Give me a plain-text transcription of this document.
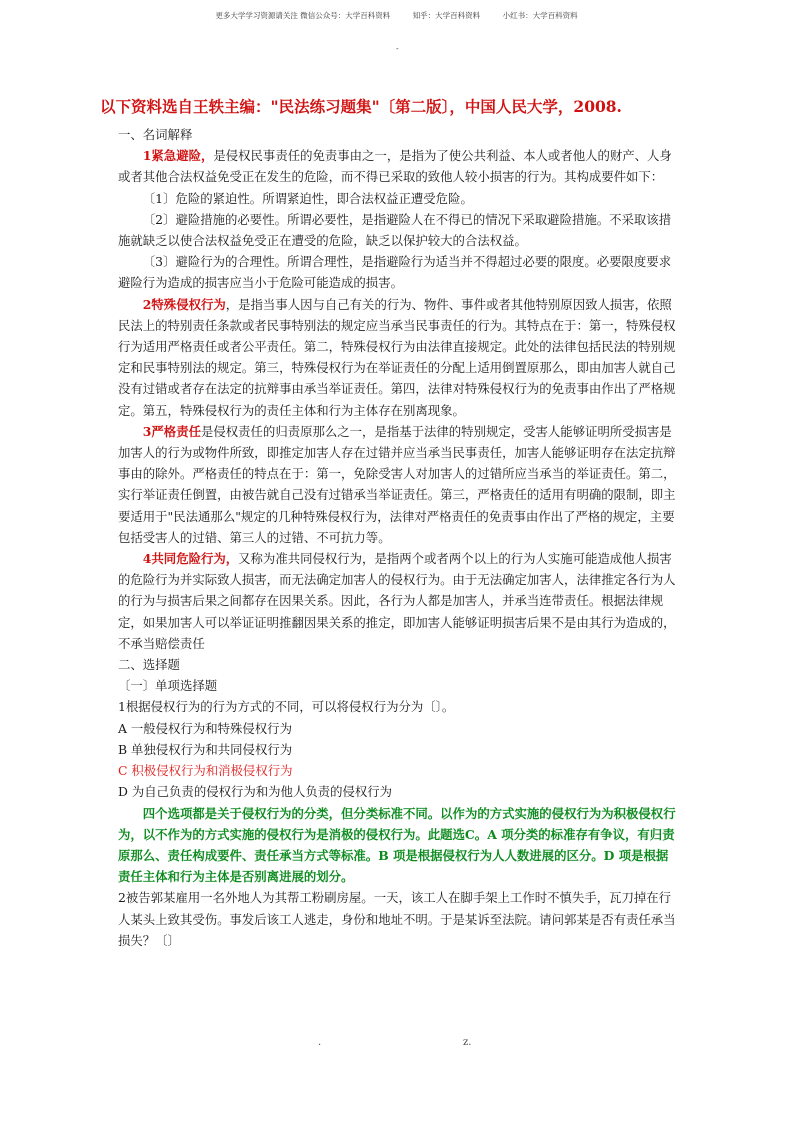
更多大学学习资源请关注 微信公众号：大学百科资料	知乎：大学百科资料	小红书：大学百科资料
-
以下资料选自王轶主编："民法练习题集"〔第二版〕，中国人民大学，2008.

一、名词解释

1紧急避险，是侵权民事责任的免责事由之一，是指为了使公共利益、本人或者他人的财产、人身或者其他合法权益免受正在发生的危险，而不得已采取的致他人较小损害的行为。其构成要件如下：

〔1〕危险的紧迫性。所谓紧迫性，即合法权益正遭受危险。

〔2〕避险措施的必要性。所谓必要性，是指避险人在不得已的情况下采取避险措施。不采取该措施就缺乏以使合法权益免受正在遭受的危险，缺乏以保护较大的合法权益。

〔3〕避险行为的合理性。所谓合理性，是指避险行为适当并不得超过必要的限度。必要限度要求避险行为造成的损害应当小于危险可能造成的损害。

2特殊侵权行为，是指当事人因与自己有关的行为、物件、事件或者其他特别原因致人损害，依照民法上的特别责任条款或者民事特别法的规定应当承当民事责任的行为。其特点在于：第一，特殊侵权行为适用严格责任或者公平责任。第二，特殊侵权行为由法律直接规定。此处的法律包括民法的特别规定和民事特别法的规定。第三，特殊侵权行为在举证责任的分配上适用倒置原那么，即由加害人就自己没有过错或者存在法定的抗辩事由承当举证责任。第四，法律对特殊侵权行为的免责事由作出了严格规定。第五，特殊侵权行为的责任主体和行为主体存在别离现象。

3严格责任是侵权责任的归责原那么之一，是指基于法律的特别规定，受害人能够证明所受损害是加害人的行为或物件所致，即推定加害人存在过错并应当承当民事责任，加害人能够证明存在法定抗辩事由的除外。严格责任的特点在于：第一，免除受害人对加害人的过错所应当承当的举证责任。第二，实行举证责任倒置，由被告就自己没有过错承当举证责任。第三，严格责任的适用有明确的限制，即主要适用于"民法通那么"规定的几种特殊侵权行为，法律对严格责任的免责事由作出了严格的规定，主要包括受害人的过错、第三人的过错、不可抗力等。

4共同危险行为，又称为准共同侵权行为，是指两个或者两个以上的行为人实施可能造成他人损害的危险行为并实际致人损害，而无法确定加害人的侵权行为。由于无法确定加害人，法律推定各行为人的行为与损害后果之间都存在因果关系。因此，各行为人都是加害人，并承当连带责任。根据法律规定，如果加害人可以举证证明推翻因果关系的推定，即加害人能够证明损害后果不是由其行为造成的，不承当赔偿责任

二、选择题

〔一〕单项选择题

1根据侵权行为的行为方式的不同，可以将侵权行为分为〔〕。

A 一般侵权行为和特殊侵权行为

B 单独侵权行为和共同侵权行为

C 积极侵权行为和消极侵权行为

D 为自己负责的侵权行为和为他人负责的侵权行为

四个选项都是关于侵权行为的分类，但分类标准不同。以作为的方式实施的侵权行为为积极侵权行为，以不作为的方式实施的侵权行为是消极的侵权行为。此题选C。A 项分类的标准存有争议，有归责原那么、责任构成要件、责任承当方式等标准。B 项是根据侵权行为人人数进展的区分。D 项是根据责任主体和行为主体是否别离进展的划分。

2被告郭某雇用一名外地人为其帮工粉刷房屋。一天，该工人在脚手架上工作时不慎失手，瓦刀掉在行人某头上致其受伤。事发后该工人逃走，身份和地址不明。于是某诉至法院。请问郭某是否有责任承当损失？〔〕

.	z.
